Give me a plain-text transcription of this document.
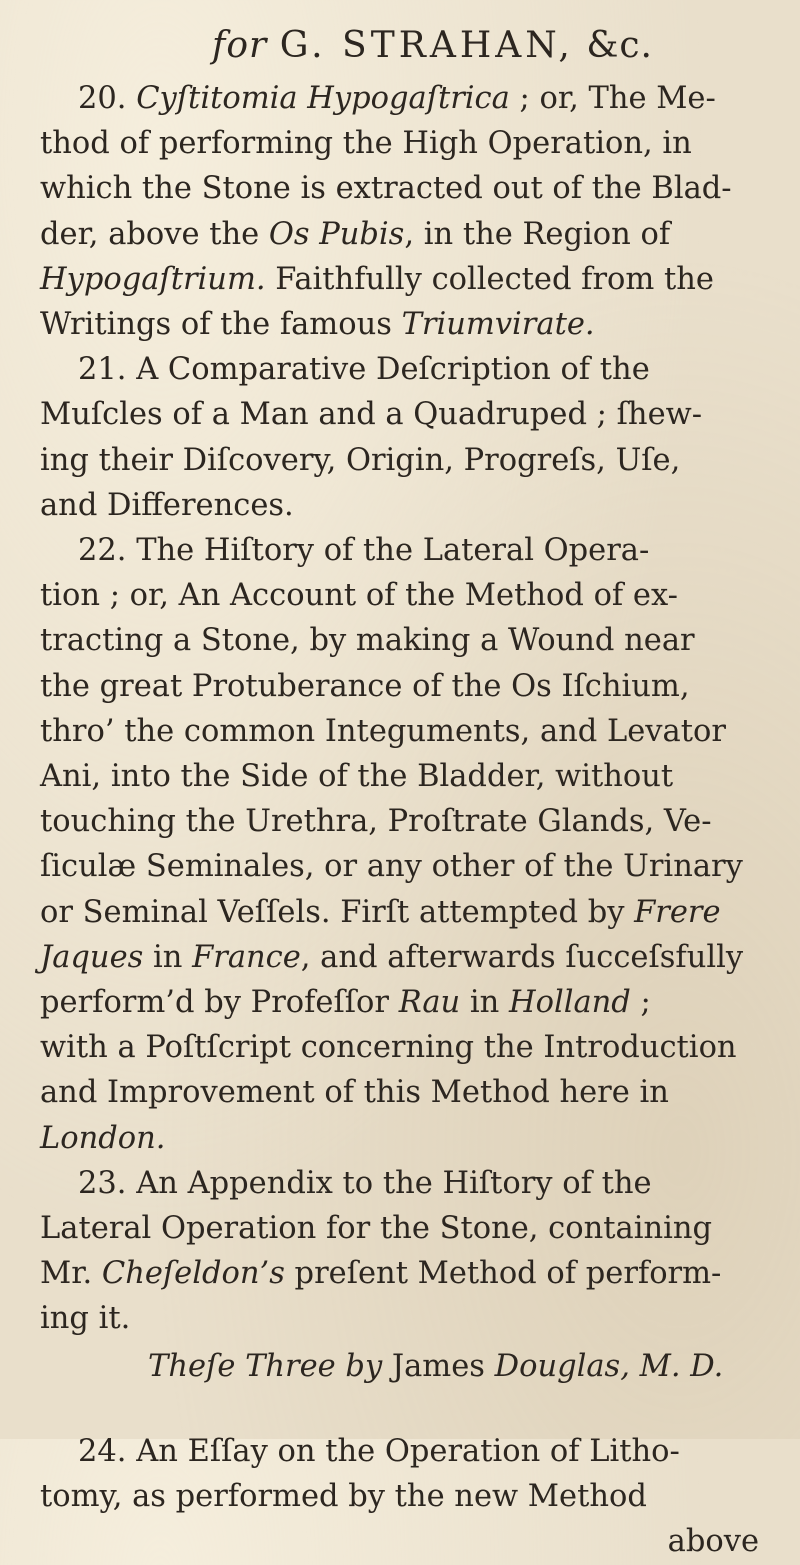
for G. STRAHAN, &c.

20. Cyſtitomia Hypogaſtrica ; or, The Me-
thod of performing the High Operation, in
which the Stone is extracted out of the Blad-
der, above the Os Pubis, in the Region of
Hypogaſtrium. Faithfully collected from the
Writings of the famous Triumvirate.

21. A Comparative Deſcription of the
Muſcles of a Man and a Quadruped ; ſhew-
ing their Diſcovery, Origin, Progreſs, Uſe,
and Differences.

22. The Hiſtory of the Lateral Opera-
tion ; or, An Account of the Method of ex-
tracting a Stone, by making a Wound near
the great Protuberance of the Os Iſchium,
thro’ the common Integuments, and Levator
Ani, into the Side of the Bladder, without
touching the Urethra, Proſtrate Glands, Ve-
ſiculæ Seminales, or any other of the Urinary
or Seminal Veſſels. Firſt attempted by Frere
Jaques in France, and afterwards ſucceſsfully
perform’d by Profeſſor Rau in Holland ;
with a Poſtſcript concerning the Introduction
and Improvement of this Method here in
London.

23. An Appendix to the Hiſtory of the
Lateral Operation for the Stone, containing
Mr. Cheſeldon’s preſent Method of perform-
ing it.

Theſe Three by James Douglas, M. D.

24. An Eſſay on the Operation of Litho-
tomy, as performed by the new Method

above
